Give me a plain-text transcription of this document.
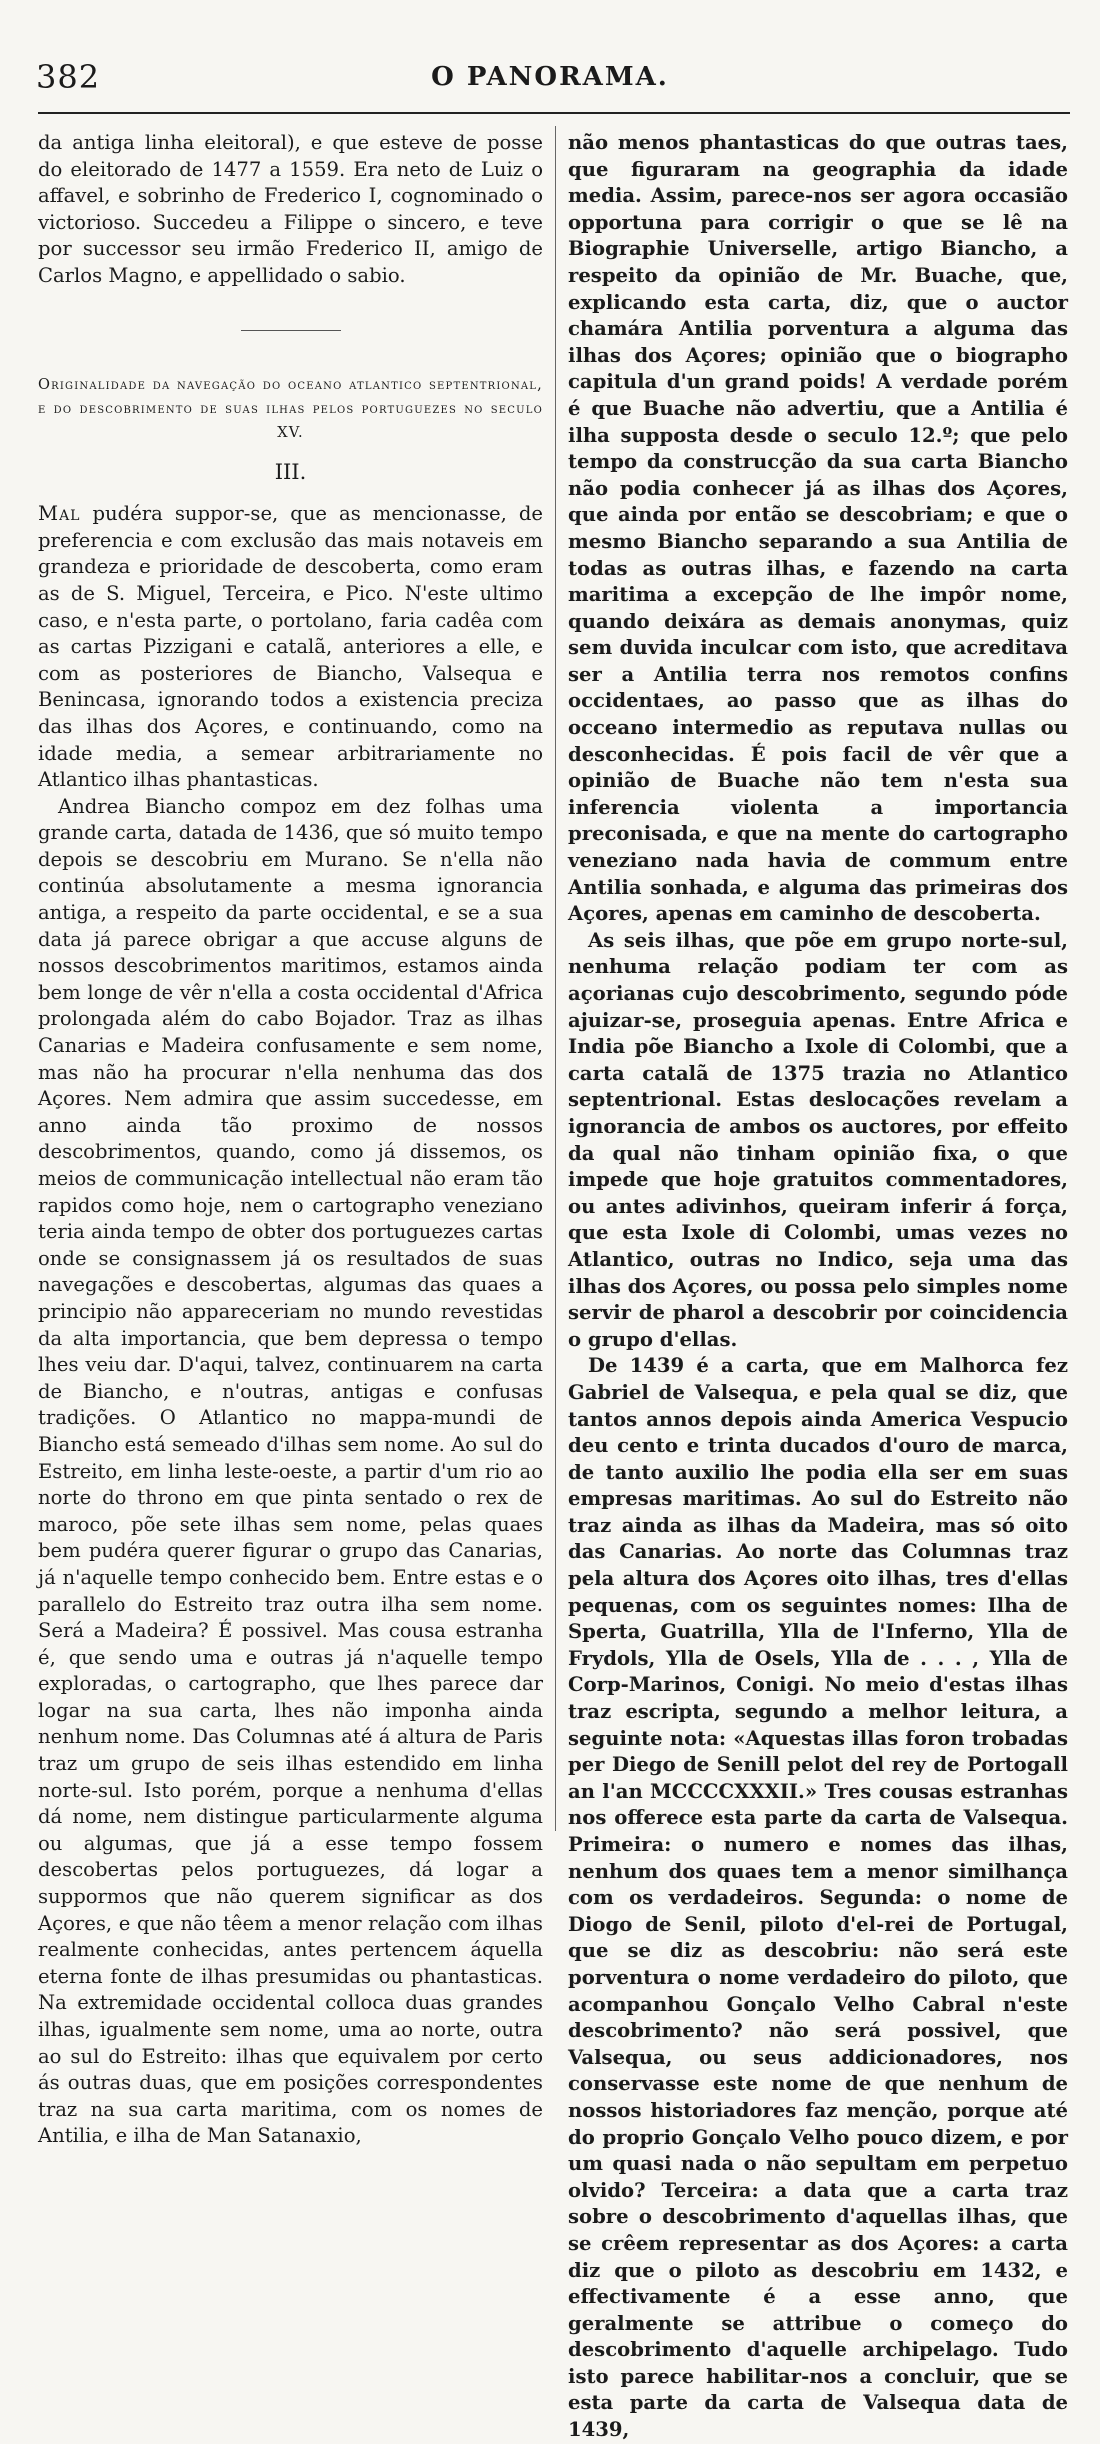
382	O PANORAMA.

da antiga linha eleitoral), e que esteve de posse do eleitorado de 1477 a 1559. Era neto de Luiz o affavel, e sobrinho de Frederico I, cognominado o victorioso. Succedeu a Filippe o sincero, e teve por successor seu irmão Frederico II, amigo de Carlos Magno, e appellidado o sabio.

Originalidade da navegação do oceano atlantico septentrional, e do descobrimento de suas ilhas pelos portuguezes no seculo XV.

III.

Mal pudéra suppor-se, que as mencionasse, de preferencia e com exclusão das mais notaveis em grandeza e prioridade de descoberta, como eram as de S. Miguel, Terceira, e Pico. N'este ultimo caso, e n'esta parte, o portolano, faria cadêa com as cartas Pizzigani e catalã, anteriores a elle, e com as posteriores de Biancho, Valsequa e Benincasa, ignorando todos a existencia preciza das ilhas dos Açores, e continuando, como na idade media, a semear arbitrariamente no Atlantico ilhas phantasticas.

Andrea Biancho compoz em dez folhas uma grande carta, datada de 1436, que só muito tempo depois se descobriu em Murano. Se n'ella não continúa absolutamente a mesma ignorancia antiga, a respeito da parte occidental, e se a sua data já parece obrigar a que accuse alguns de nossos descobrimentos maritimos, estamos ainda bem longe de vêr n'ella a costa occidental d'Africa prolongada além do cabo Bojador. Traz as ilhas Canarias e Madeira confusamente e sem nome, mas não ha procurar n'ella nenhuma das dos Açores. Nem admira que assim succedesse, em anno ainda tão proximo de nossos descobrimentos, quando, como já dissemos, os meios de communicação intellectual não eram tão rapidos como hoje, nem o cartographo veneziano teria ainda tempo de obter dos portuguezes cartas onde se consignassem já os resultados de suas navegações e descobertas, algumas das quaes a principio não appareceriam no mundo revestidas da alta importancia, que bem depressa o tempo lhes veiu dar. D'aqui, talvez, continuarem na carta de Biancho, e n'outras, antigas e confusas tradições. O Atlantico no mappa-mundi de Biancho está semeado d'ilhas sem nome. Ao sul do Estreito, em linha leste-oeste, a partir d'um rio ao norte do throno em que pinta sentado o rex de maroco, põe sete ilhas sem nome, pelas quaes bem pudéra querer figurar o grupo das Canarias, já n'aquelle tempo conhecido bem. Entre estas e o parallelo do Estreito traz outra ilha sem nome. Será a Madeira? É possivel. Mas cousa estranha é, que sendo uma e outras já n'aquelle tempo exploradas, o cartographo, que lhes parece dar logar na sua carta, lhes não imponha ainda nenhum nome. Das Columnas até á altura de Paris traz um grupo de seis ilhas estendido em linha norte-sul. Isto porém, porque a nenhuma d'ellas dá nome, nem distingue particularmente alguma ou algumas, que já a esse tempo fossem descobertas pelos portuguezes, dá logar a suppormos que não querem significar as dos Açores, e que não têem a menor relação com ilhas realmente conhecidas, antes pertencem áquella eterna fonte de ilhas presumidas ou phantasticas. Na extremidade occidental colloca duas grandes ilhas, igualmente sem nome, uma ao norte, outra ao sul do Estreito: ilhas que equivalem por certo ás outras duas, que em posições correspondentes traz na sua carta maritima, com os nomes de Antilia, e ilha de Man Satanaxio,

não menos phantasticas do que outras taes, que figuraram na geographia da idade media. Assim, parece-nos ser agora occasião opportuna para corrigir o que se lê na Biographie Universelle, artigo Biancho, a respeito da opinião de Mr. Buache, que, explicando esta carta, diz, que o auctor chamára Antilia porventura a alguma das ilhas dos Açores; opinião que o biographo capitula d'un grand poids! A verdade porém é que Buache não advertiu, que a Antilia é ilha supposta desde o seculo 12.º; que pelo tempo da construcção da sua carta Biancho não podia conhecer já as ilhas dos Açores, que ainda por então se descobriam; e que o mesmo Biancho separando a sua Antilia de todas as outras ilhas, e fazendo na carta maritima a excepção de lhe impôr nome, quando deixára as demais anonymas, quiz sem duvida inculcar com isto, que acreditava ser a Antilia terra nos remotos confins occidentaes, ao passo que as ilhas do occeano intermedio as reputava nullas ou desconhecidas. É pois facil de vêr que a opinião de Buache não tem n'esta sua inferencia violenta a importancia preconisada, e que na mente do cartographo veneziano nada havia de commum entre Antilia sonhada, e alguma das primeiras dos Açores, apenas em caminho de descoberta.

As seis ilhas, que põe em grupo norte-sul, nenhuma relação podiam ter com as açorianas cujo descobrimento, segundo póde ajuizar-se, proseguia apenas. Entre Africa e India põe Biancho a Ixole di Colombi, que a carta catalã de 1375 trazia no Atlantico septentrional. Estas deslocações revelam a ignorancia de ambos os auctores, por effeito da qual não tinham opinião fixa, o que impede que hoje gratuitos commentadores, ou antes adivinhos, queiram inferir á força, que esta Ixole di Colombi, umas vezes no Atlantico, outras no Indico, seja uma das ilhas dos Açores, ou possa pelo simples nome servir de pharol a descobrir por coincidencia o grupo d'ellas.

De 1439 é a carta, que em Malhorca fez Gabriel de Valsequa, e pela qual se diz, que tantos annos depois ainda America Vespucio deu cento e trinta ducados d'ouro de marca, de tanto auxilio lhe podia ella ser em suas empresas maritimas. Ao sul do Estreito não traz ainda as ilhas da Madeira, mas só oito das Canarias. Ao norte das Columnas traz pela altura dos Açores oito ilhas, tres d'ellas pequenas, com os seguintes nomes: Ilha de Sperta, Guatrilla, Ylla de l'Inferno, Ylla de Frydols, Ylla de Osels, Ylla de . . . , Ylla de Corp-Marinos, Conigi. No meio d'estas ilhas traz escripta, segundo a melhor leitura, a seguinte nota: «Aquestas illas foron trobadas per Diego de Senill pelot del rey de Portogall an l'an MCCCCXXXII.» Tres cousas estranhas nos offerece esta parte da carta de Valsequa. Primeira: o numero e nomes das ilhas, nenhum dos quaes tem a menor similhança com os verdadeiros. Segunda: o nome de Diogo de Senil, piloto d'el-rei de Portugal, que se diz as descobriu: não será este porventura o nome verdadeiro do piloto, que acompanhou Gonçalo Velho Cabral n'este descobrimento? não será possivel, que Valsequa, ou seus addicionadores, nos conservasse este nome de que nenhum de nossos historiadores faz menção, porque até do proprio Gonçalo Velho pouco dizem, e por um quasi nada o não sepultam em perpetuo olvido? Terceira: a data que a carta traz sobre o descobrimento d'aquellas ilhas, que se crêem representar as dos Açores: a carta diz que o piloto as descobriu em 1432, e effectivamente é a esse anno, que geralmente se attribue o começo do descobrimento d'aquelle archipelago. Tudo isto parece habilitar-nos a concluir, que se esta parte da carta de Valsequa data de 1439,
